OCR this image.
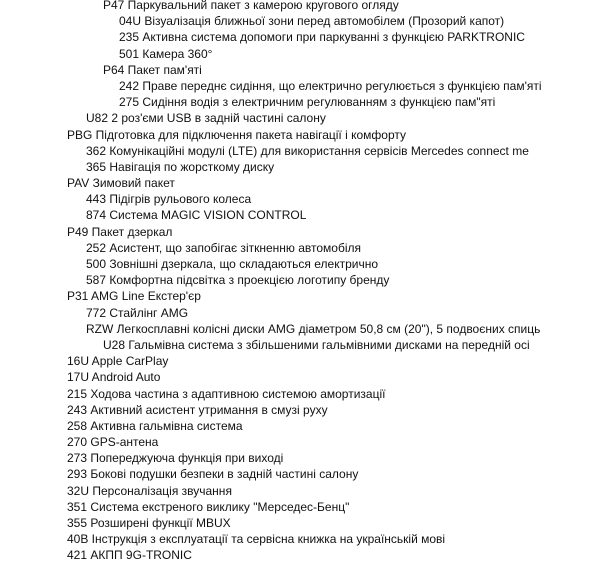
P47 Паркувальний пакет з камерою кругового огляду
04U Візуалізація ближньої зони перед автомобілем (Прозорий капот)
235 Активна система допомоги при паркуванні з функцією PARKTRONIC
501 Камера 360°
P64 Пакет пам'яті
242 Праве переднє сидіння, що електрично регулюється з функцією пам'яті
275 Сидіння водія з електричним регулюванням з функцією пам"яті
U82 2 роз'єми USB в задній частині салону
PBG Підготовка для підключення пакета навігації і комфорту
362 Комунікаційні модулі (LTE) для використання сервісів Mercedes connect me
365 Навігація по жорсткому диску
PAV Зимовий пакет
443 Підігрів рульового колеса
874 Система MAGIC VISION CONTROL
P49 Пакет дзеркал
252 Асистент, що запобігає зіткненню автомобіля
500 Зовнішні дзеркала, що складаються електрично
587 Комфортна підсвітка з проекцією логотипу бренду
P31 AMG Line Екстер'єр
772 Стайлінг AMG
RZW Легкосплавні колісні диски AMG діаметром 50,8 см (20"), 5 подвоєних спиць
U28 Гальмівна система з збільшеними гальмівними дисками на передній осі
16U Apple CarPlay
17U Android Auto
215 Ходова частина з адаптивною системою амортизації
243 Активний асистент утримання в смузі руху
258 Активна гальмівна система
270 GPS-антена
273 Попереджуюча функція при виході
293 Бокові подушки безпеки в задній частині салону
32U Персоналізація звучання
351 Система екстреного виклику "Мерседес-Бенц"
355 Розширені функції MBUX
40B Інструкція з експлуатації та сервісна книжка на українській мові
421 АКПП 9G-TRONIC
